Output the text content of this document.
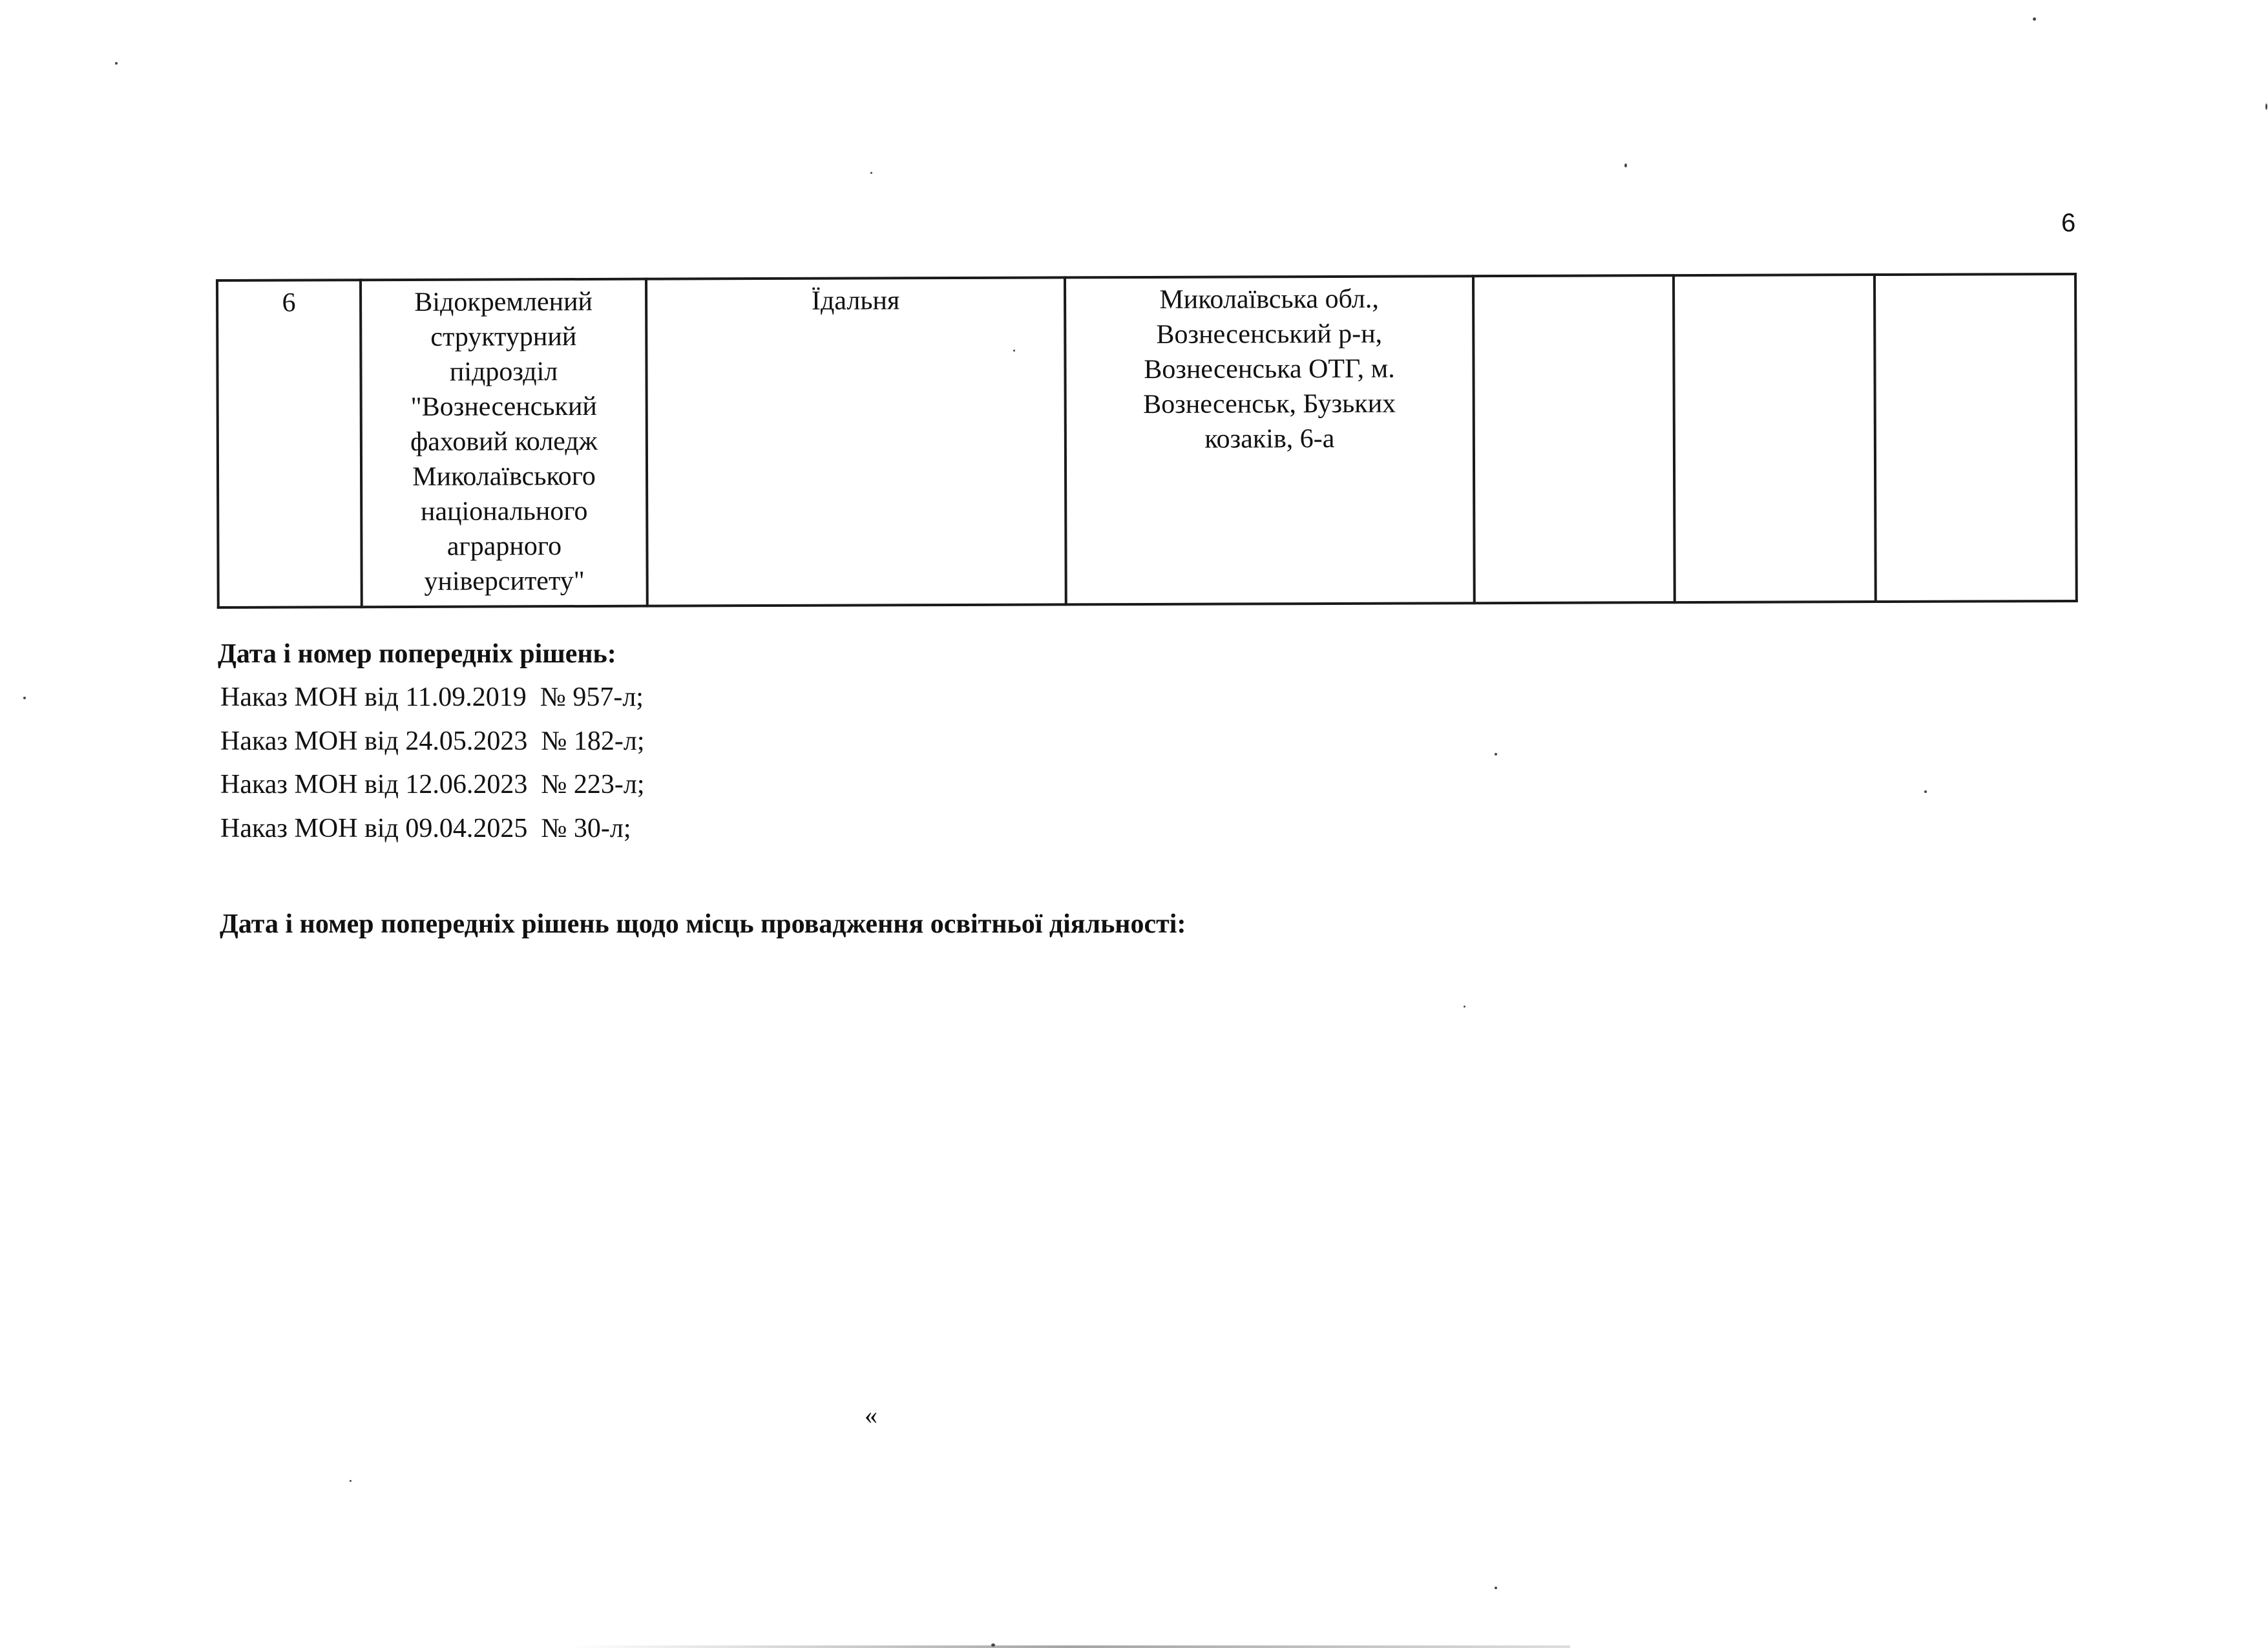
6
6	Відокремлений
структурний
підрозділ
"Вознесенський
фаховий коледж
Миколаївського
національного
аграрного
університету"	Їдальня	Миколаївська обл.,
Вознесенський р-н,
Вознесенська ОТГ, м.
Вознесенськ, Бузьких
козаків, 6-а			
Дата і номер попередніх рішень:
Наказ МОН від 11.09.2019  № 957-л;
Наказ МОН від 24.05.2023  № 182-л;
Наказ МОН від 12.06.2023  № 223-л;
Наказ МОН від 09.04.2025  № 30-л;
Дата і номер попередніх рішень щодо місць провадження освітньої діяльності:
«
